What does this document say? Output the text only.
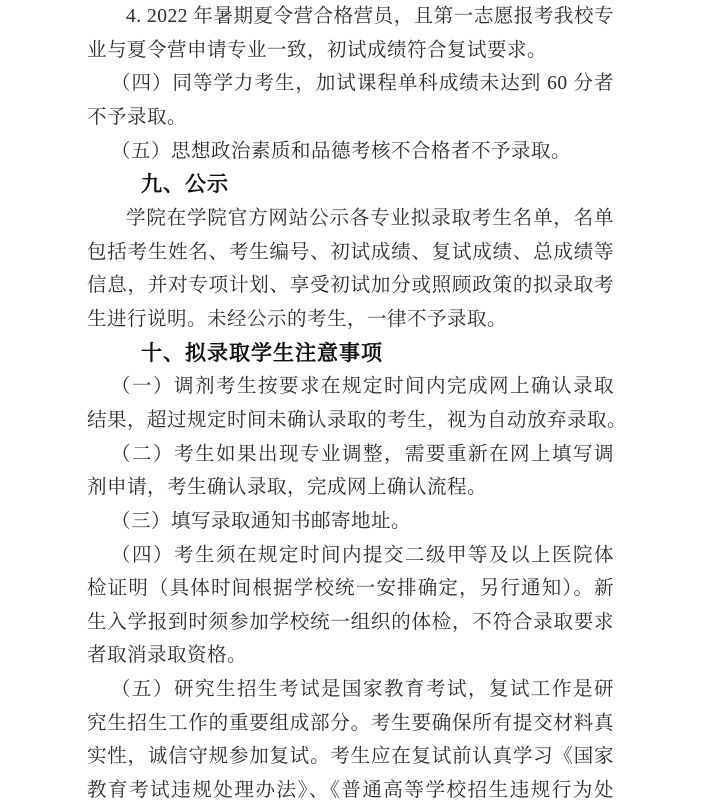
4. 2022 年暑期夏令营合格营员，且第一志愿报考我校专
业与夏令营申请专业一致，初试成绩符合复试要求。
（四）同等学力考生，加试课程单科成绩未达到 60 分者
不予录取。
（五）思想政治素质和品德考核不合格者不予录取。
九、公示
学院在学院官方网站公示各专业拟录取考生名单，名单
包括考生姓名、考生编号、初试成绩、复试成绩、总成绩等
信息，并对专项计划、享受初试加分或照顾政策的拟录取考
生进行说明。未经公示的考生，一律不予录取。
十、拟录取学生注意事项
（一）调剂考生按要求在规定时间内完成网上确认录取
结果，超过规定时间未确认录取的考生，视为自动放弃录取。
（二）考生如果出现专业调整，需要重新在网上填写调
剂申请，考生确认录取，完成网上确认流程。
（三）填写录取通知书邮寄地址。
（四）考生须在规定时间内提交二级甲等及以上医院体
检证明（具体时间根据学校统一安排确定，另行通知）。新
生入学报到时须参加学校统一组织的体检，不符合录取要求
者取消录取资格。
（五）研究生招生考试是国家教育考试，复试工作是研
究生招生工作的重要组成部分。考生要确保所有提交材料真
实性，诚信守规参加复试。考生应在复试前认真学习《国家
教育考试违规处理办法》、《普通高等学校招生违规行为处
